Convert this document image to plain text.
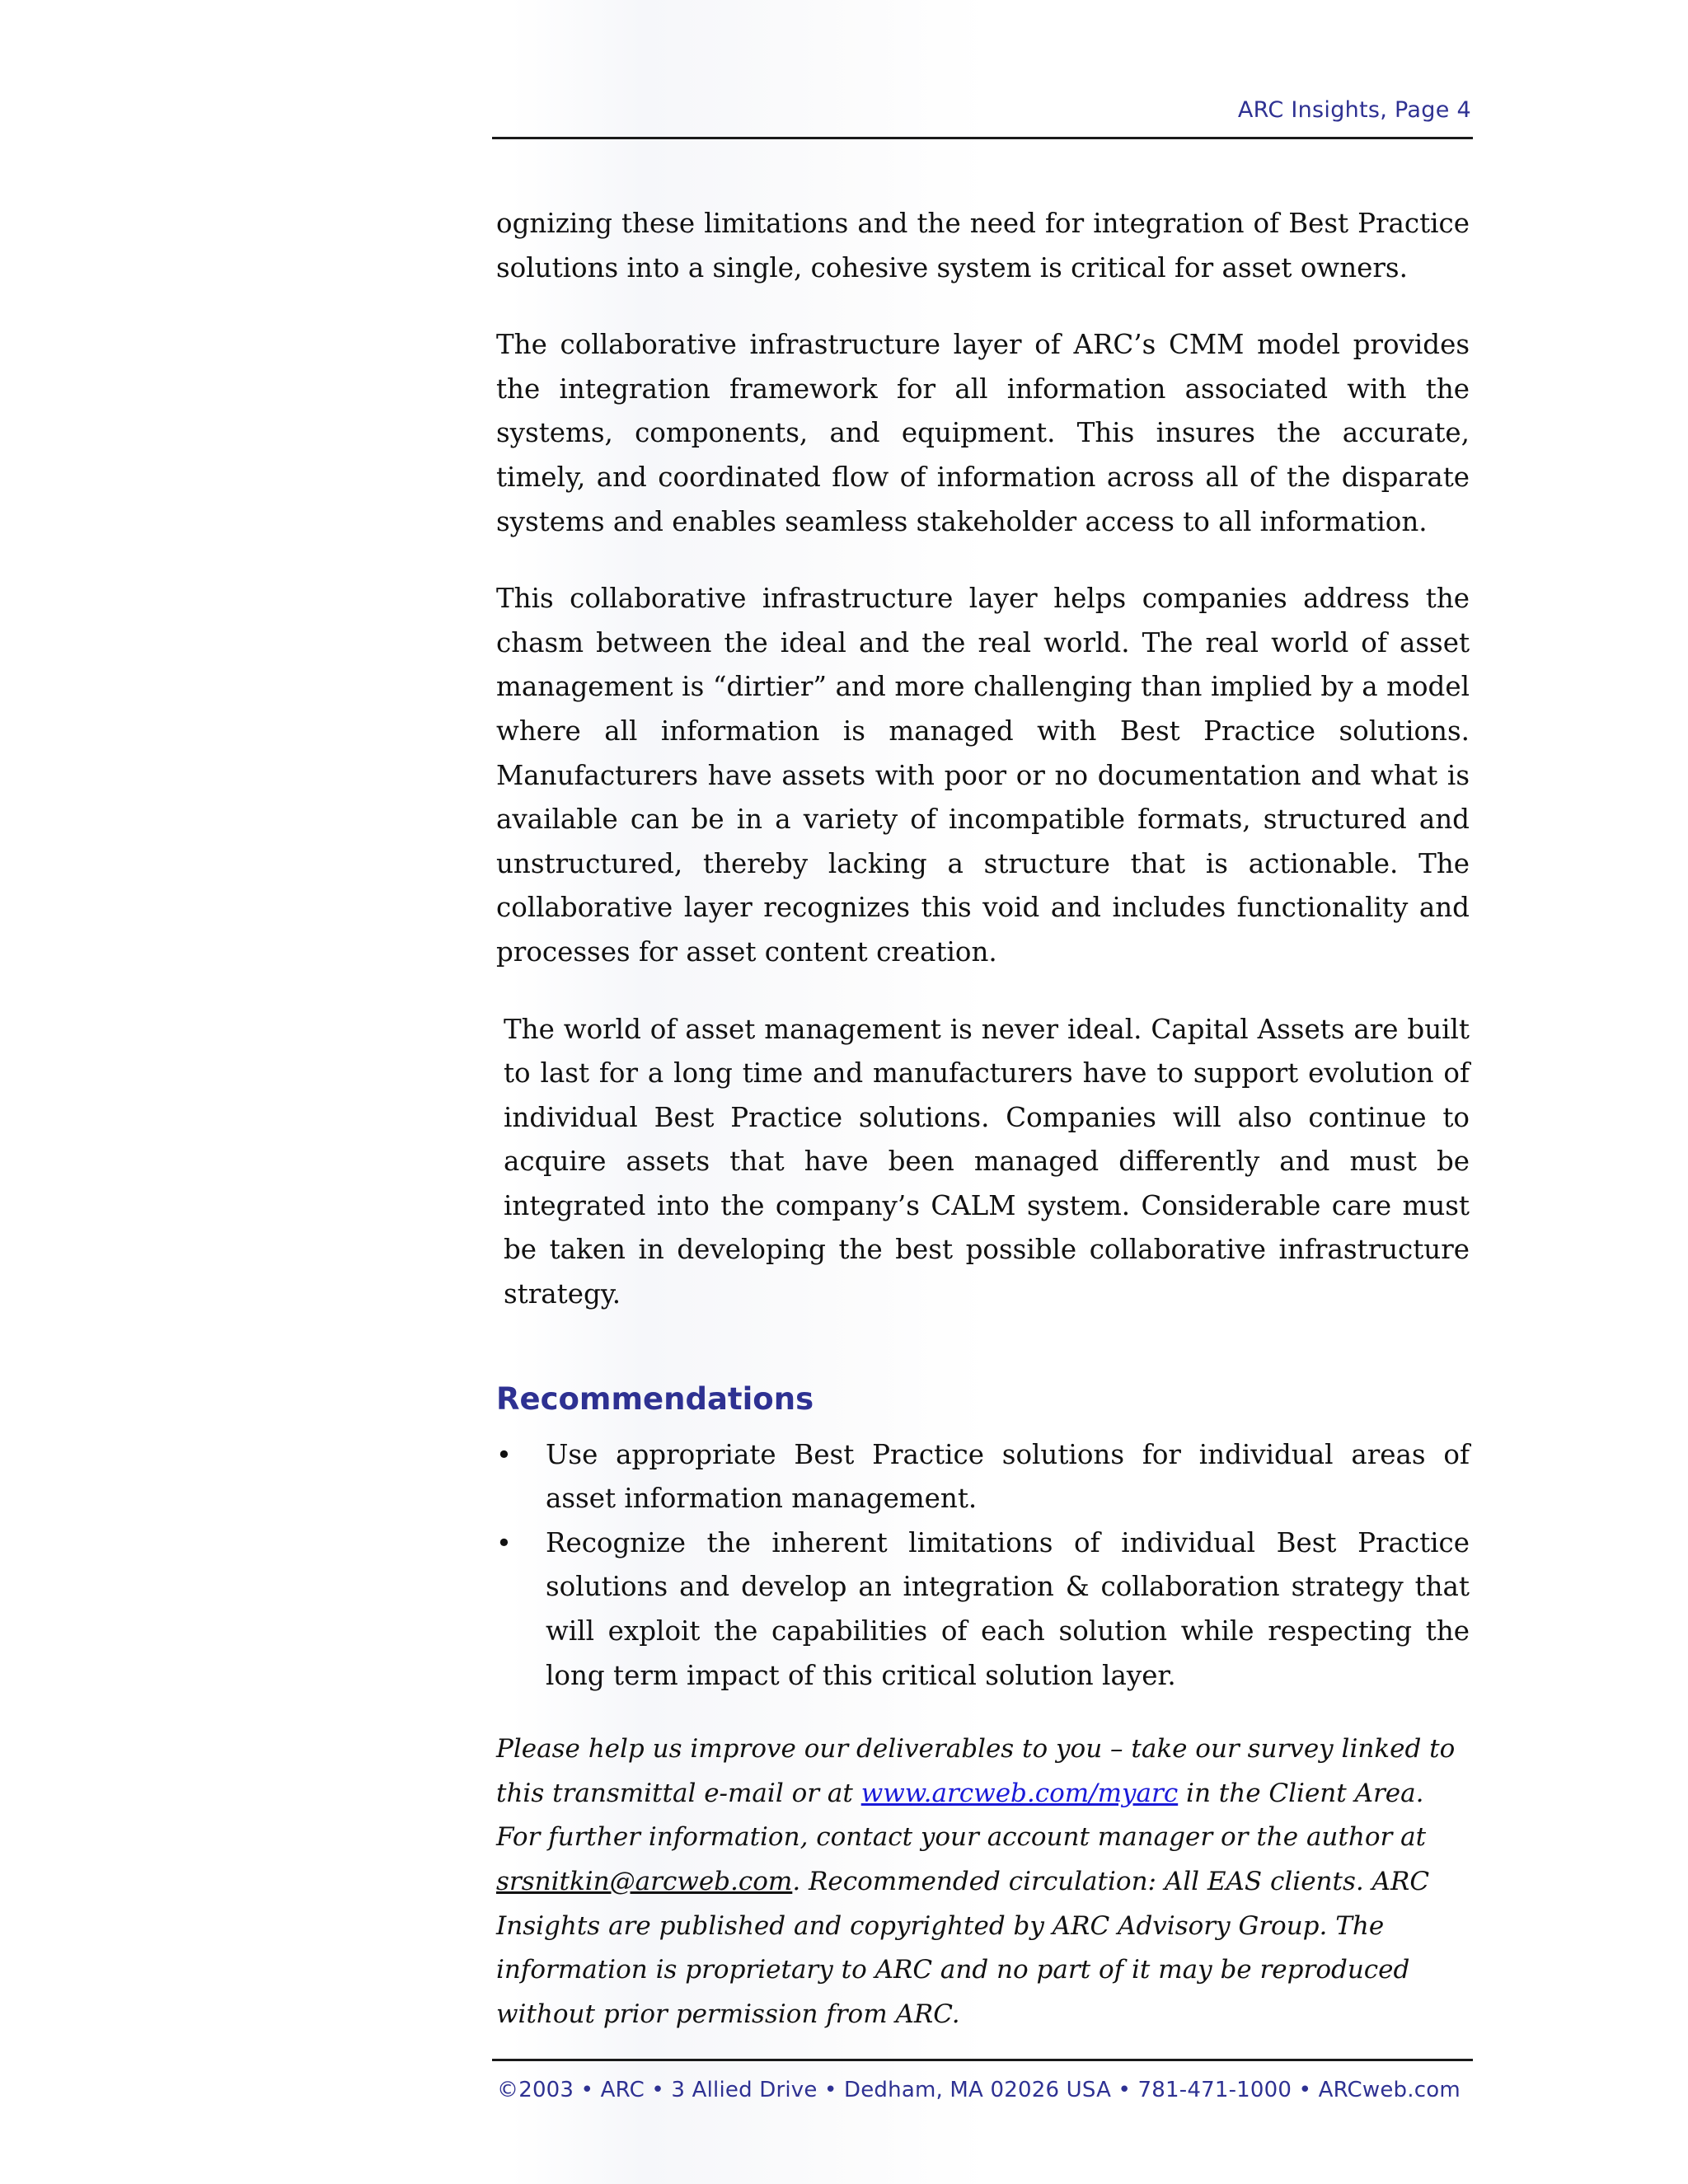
ARC Insights, Page 4

ognizing these limitations and the need for integration of Best Practice solutions into a single, cohesive system is critical for asset owners.

The collaborative infrastructure layer of ARC’s CMM model provides the integration framework for all information associated with the systems, components, and equipment. This insures the accurate, timely, and coordinated flow of information across all of the disparate systems and enables seamless stakeholder access to all information.

This collaborative infrastructure layer helps companies address the chasm between the ideal and the real world. The real world of asset management is “dirtier” and more challenging than implied by a model where all information is managed with Best Practice solutions. Manufacturers have assets with poor or no documentation and what is available can be in a variety of incompatible formats, structured and unstructured, thereby lacking a structure that is actionable. The collaborative layer recognizes this void and includes functionality and processes for asset content creation.

The world of asset management is never ideal. Capital Assets are built to last for a long time and manufacturers have to support evolution of individual Best Practice solutions. Companies will also continue to acquire assets that have been managed differently and must be integrated into the company’s CALM system. Considerable care must be taken in developing the best possible collaborative infrastructure strategy.

Recommendations
• Use appropriate Best Practice solutions for individual areas of asset information management.
• Recognize the inherent limitations of individual Best Practice solutions and develop an integration & collaboration strategy that will exploit the capabilities of each solution while respecting the long term impact of this critical solution layer.
Please help us improve our deliverables to you – take our survey linked to this transmittal e-mail or at www.arcweb.com/myarc in the Client Area. For further information, contact your account manager or the author at srsnitkin@arcweb.com. Recommended circulation: All EAS clients. ARC Insights are published and copyrighted by ARC Advisory Group. The information is proprietary to ARC and no part of it may be reproduced without prior permission from ARC.
©2003 • ARC • 3 Allied Drive • Dedham, MA 02026 USA • 781-471-1000 • ARCweb.com
